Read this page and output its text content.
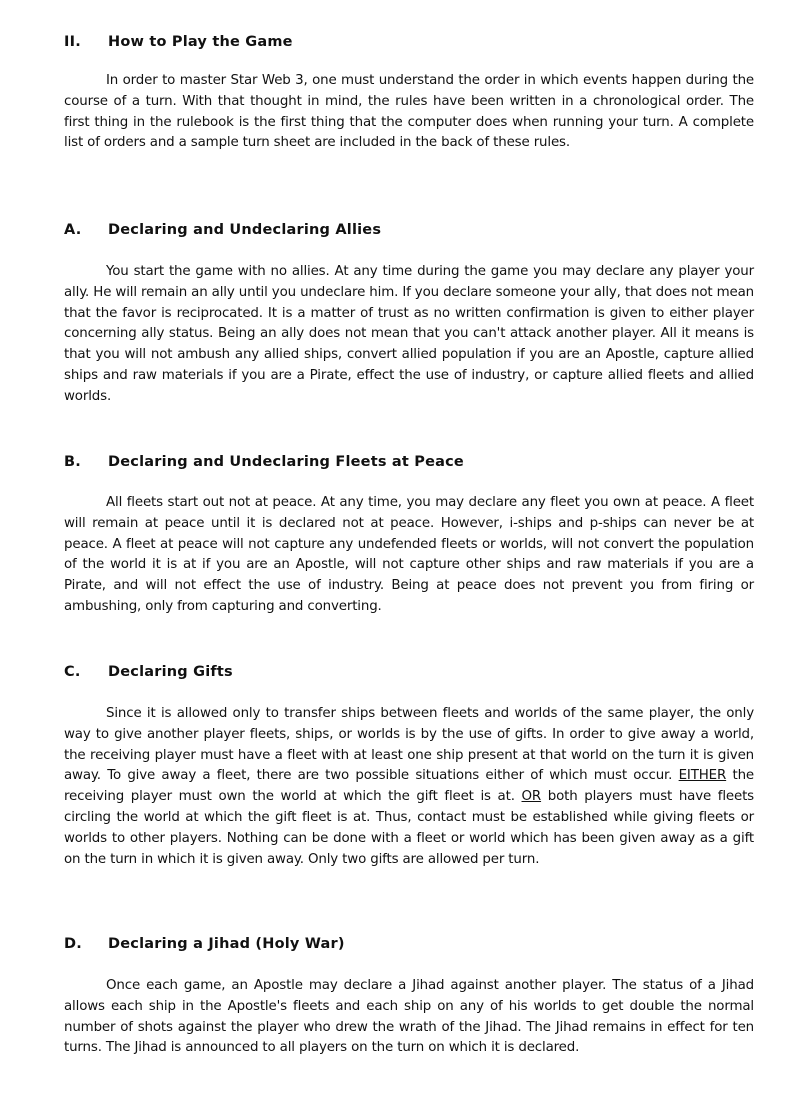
II. How to Play the Game

In order to master Star Web 3, one must understand the order in which events happen during the course of a turn. With that thought in mind, the rules have been written in a chronological order. The first thing in the rulebook is the first thing that the computer does when running your turn. A complete list of orders and a sample turn sheet are included in the back of these rules.

A. Declaring and Undeclaring Allies

You start the game with no allies. At any time during the game you may declare any player your ally. He will remain an ally until you undeclare him. If you declare someone your ally, that does not mean that the favor is reciprocated. It is a matter of trust as no written confirmation is given to either player concerning ally status. Being an ally does not mean that you can't attack another player. All it means is that you will not ambush any allied ships, convert allied population if you are an Apostle, capture allied ships and raw materials if you are a Pirate, effect the use of industry, or capture allied fleets and allied worlds.

B. Declaring and Undeclaring Fleets at Peace

All fleets start out not at peace. At any time, you may declare any fleet you own at peace. A fleet will remain at peace until it is declared not at peace. However, i-ships and p-ships can never be at peace. A fleet at peace will not capture any undefended fleets or worlds, will not convert the population of the world it is at if you are an Apostle, will not capture other ships and raw materials if you are a Pirate, and will not effect the use of industry. Being at peace does not prevent you from firing or ambushing, only from capturing and converting.

C. Declaring Gifts

Since it is allowed only to transfer ships between fleets and worlds of the same player, the only way to give another player fleets, ships, or worlds is by the use of gifts. In order to give away a world, the receiving player must have a fleet with at least one ship present at that world on the turn it is given away. To give away a fleet, there are two possible situations either of which must occur. EITHER the receiving player must own the world at which the gift fleet is at. OR both players must have fleets circling the world at which the gift fleet is at. Thus, contact must be established while giving fleets or worlds to other players. Nothing can be done with a fleet or world which has been given away as a gift on the turn in which it is given away. Only two gifts are allowed per turn.

D. Declaring a Jihad (Holy War)

Once each game, an Apostle may declare a Jihad against another player. The status of a Jihad allows each ship in the Apostle's fleets and each ship on any of his worlds to get double the normal number of shots against the player who drew the wrath of the Jihad. The Jihad remains in effect for ten turns. The Jihad is announced to all players on the turn on which it is declared.
